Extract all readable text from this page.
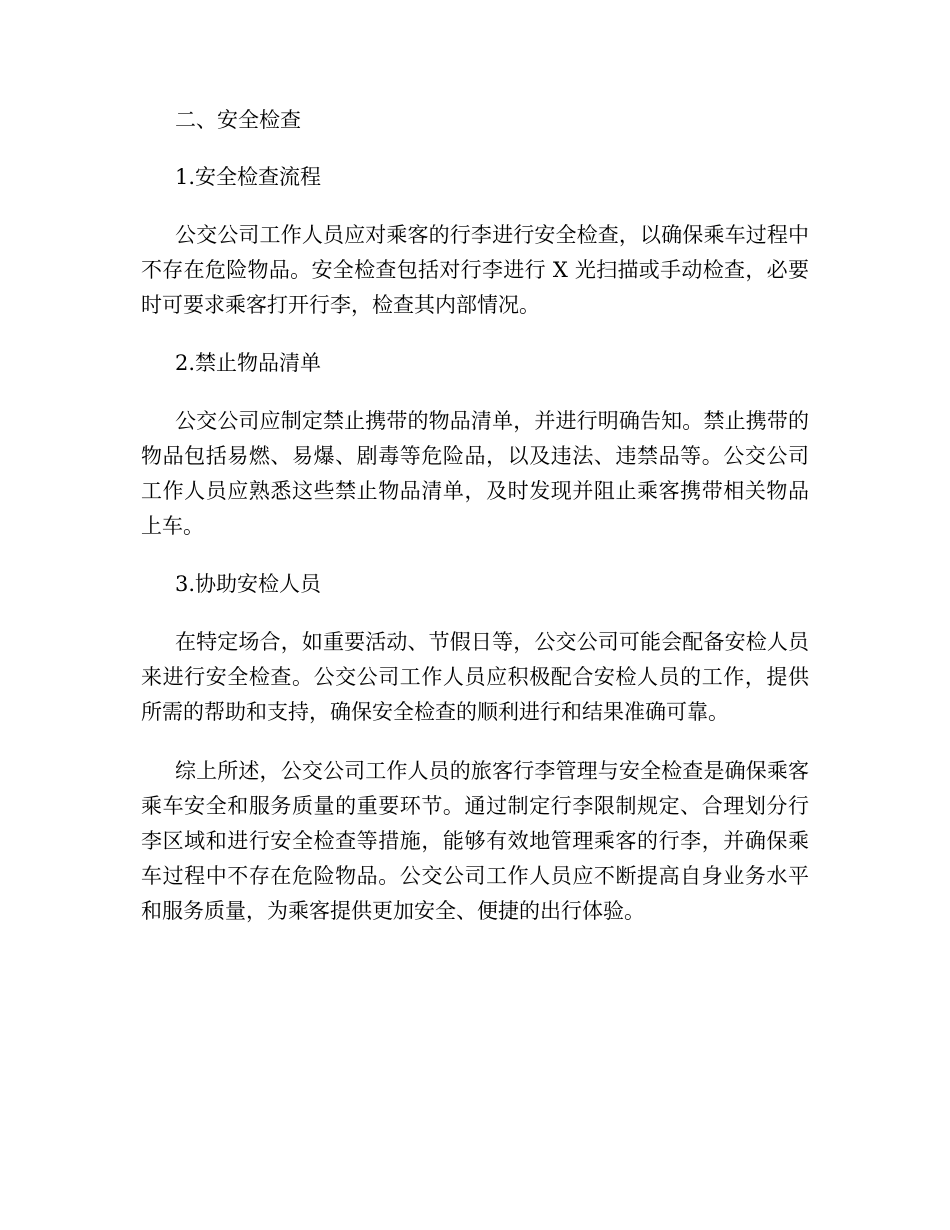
二、安全检查

1.安全检查流程

公交公司工作人员应对乘客的行李进行安全检查，以确保乘车过程中不存在危险物品。安全检查包括对行李进行 X 光扫描或手动检查，必要时可要求乘客打开行李，检查其内部情况。

2.禁止物品清单

公交公司应制定禁止携带的物品清单，并进行明确告知。禁止携带的物品包括易燃、易爆、剧毒等危险品，以及违法、违禁品等。公交公司工作人员应熟悉这些禁止物品清单，及时发现并阻止乘客携带相关物品上车。

3.协助安检人员

在特定场合，如重要活动、节假日等，公交公司可能会配备安检人员来进行安全检查。公交公司工作人员应积极配合安检人员的工作，提供所需的帮助和支持，确保安全检查的顺利进行和结果准确可靠。

综上所述，公交公司工作人员的旅客行李管理与安全检查是确保乘客乘车安全和服务质量的重要环节。通过制定行李限制规定、合理划分行李区域和进行安全检查等措施，能够有效地管理乘客的行李，并确保乘车过程中不存在危险物品。公交公司工作人员应不断提高自身业务水平和服务质量，为乘客提供更加安全、便捷的出行体验。
